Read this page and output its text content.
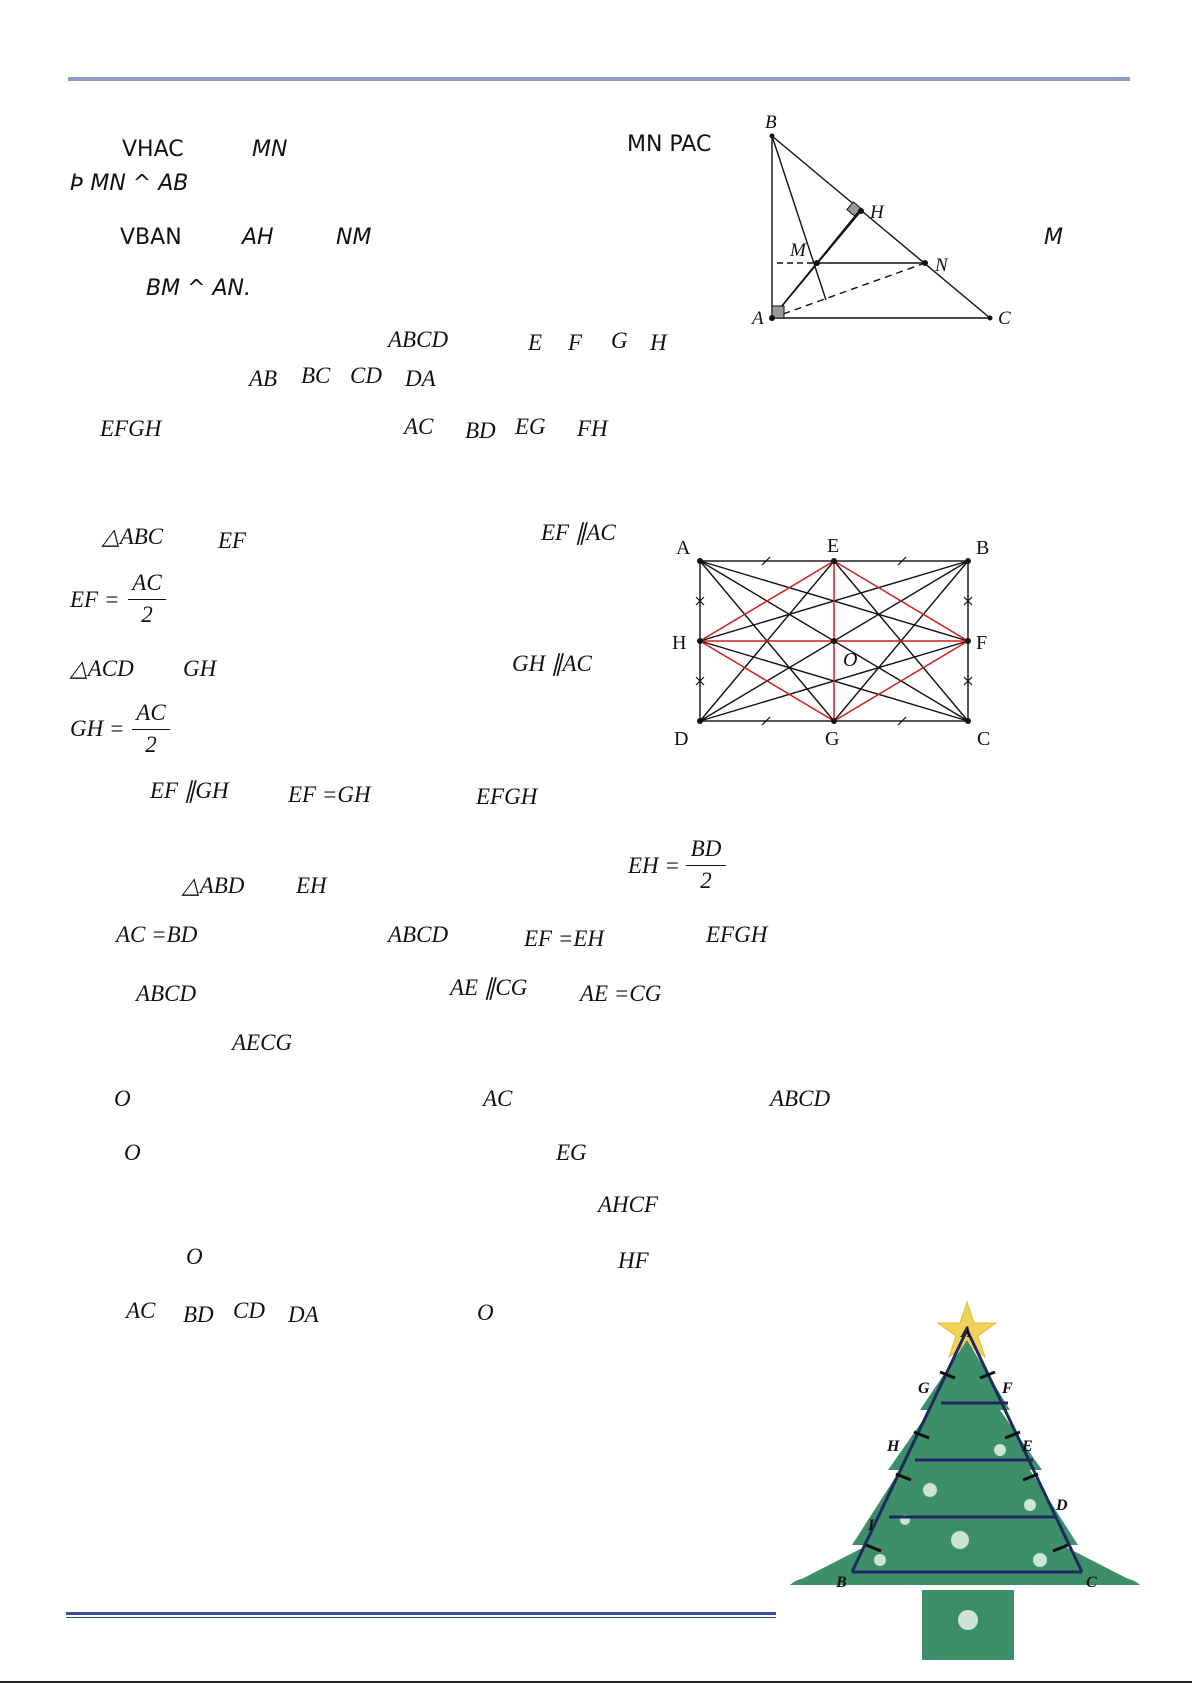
VHAC	MN	MN PAC
Þ MN ^ AB
VBAN	AH	NM	M
BM ^ AN.
ABCD	E F G H
AB BC CD DA
EFGH	AC BD EG FH
△ABC EF	EF ∥AC
EF =
AC
2
△ACD GH	GH ∥AC
GH =
AC
2
EF ∥GH	EF =GH	EFGH
△ABD EH
EH =
BD
2
AC =BD	ABCD	EF =EH	EFGH
ABCD	AE ∥CG AE =CG
AECG
O	AC	ABCD
O	EG
AHCF
O	HF
AC BD CD DA	O
B
H
M
N
A	C
A	E	B
H	F
O
D	G	C
A
G	F
H	E
D
I
B	C
